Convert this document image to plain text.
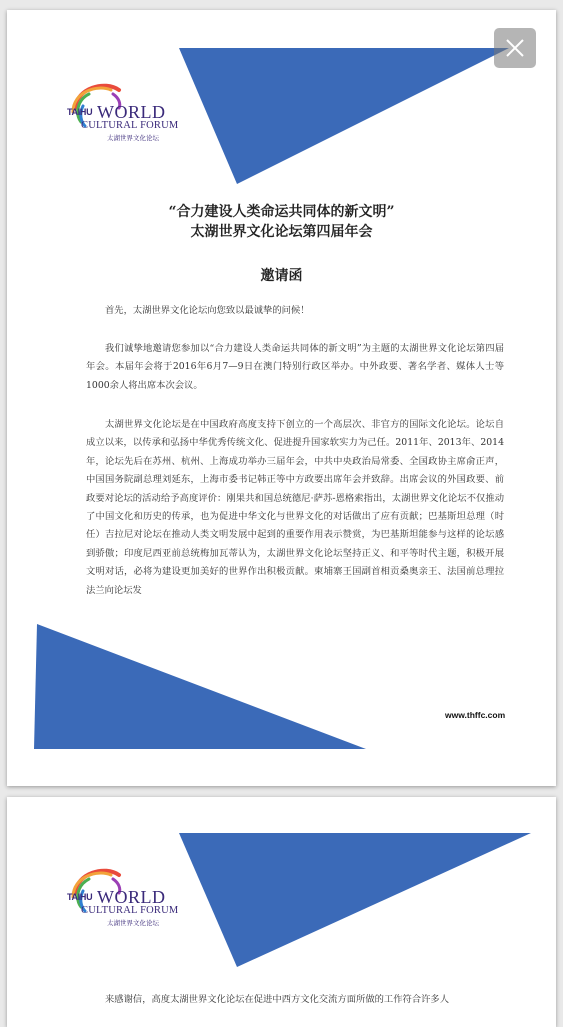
TAIHU WORLD
CULTURAL FORUM
太湖世界文化论坛
“合力建设人类命运共同体的新文明”
太湖世界文化论坛第四届年会
邀请函
首先，太湖世界文化论坛向您致以最诚挚的问候！
我们诚挚地邀请您参加以“合力建设人类命运共同体的新文明”为主题的太湖世界文化论坛第四届年会。本届年会将于2016年6月7—9日在澳门特别行政区举办。中外政要、著名学者、媒体人士等1000余人将出席本次会议。
太湖世界文化论坛是在中国政府高度支持下创立的一个高层次、非官方的国际文化论坛。论坛自成立以来，以传承和弘扬中华优秀传统文化、促进提升国家软实力为己任。2011年、2013年、2014年，论坛先后在苏州、杭州、上海成功举办三届年会，中共中央政治局常委、全国政协主席俞正声，中国国务院副总理刘延东，上海市委书记韩正等中方政要出席年会并致辞。出席会议的外国政要、前政要对论坛的活动给予高度评价：刚果共和国总统德尼·萨苏-恩格索指出，太湖世界文化论坛不仅推动了中国文化和历史的传承，也为促进中华文化与世界文化的对话做出了应有贡献；巴基斯坦总理（时任）吉拉尼对论坛在推动人类文明发展中起到的重要作用表示赞赏，为巴基斯坦能参与这样的论坛感到骄傲；印度尼西亚前总统梅加瓦蒂认为，太湖世界文化论坛坚持正义、和平等时代主题，积极开展文明对话，必将为建设更加美好的世界作出积极贡献。柬埔寨王国副首相贡桑奥亲王、法国前总理拉法兰向论坛发
www.thffc.com
TAIHU WORLD
CULTURAL FORUM
太湖世界文化论坛
来感谢信，高度太湖世界文化论坛在促进中西方文化交流方面所做的工作符合许多人
